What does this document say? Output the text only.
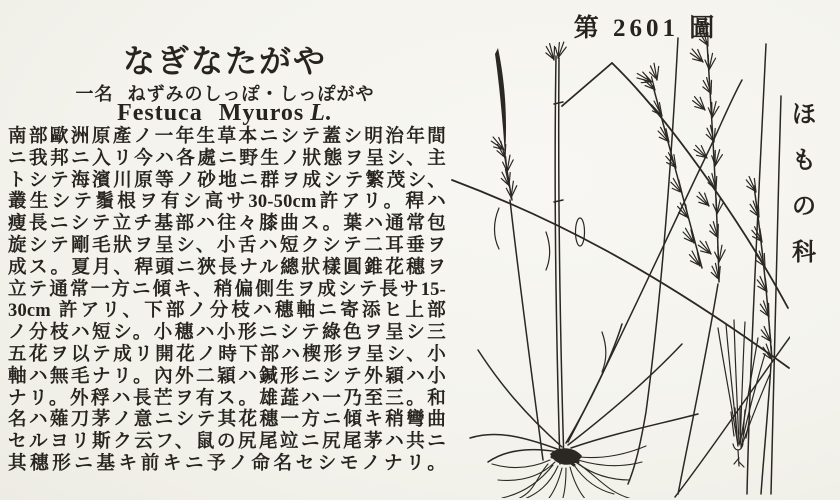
なぎなたがや
一名 ねずみのしっぽ・しっぽがや
Festuca Myuros L.
南部歐洲原產ノ一年生草本ニシテ蓋シ明治年間
ニ我邦ニ入リ今ハ各處ニ野生ノ狀態ヲ呈シ、主
トシテ海濱川原等ノ砂地ニ群ヲ成シテ繁茂シ、
叢生シテ鬚根ヲ有シ高サ30-50cm許アリ。稈ハ
瘦長ニシテ立チ基部ハ往々膝曲ス。葉ハ通常包
旋シテ剛毛狀ヲ呈シ、小舌ハ短クシテ二耳垂ヲ
成ス。夏月、稈頭ニ狹長ナル總狀樣圓錐花穗ヲ
立テ通常一方ニ傾キ、稍偏側生ヲ成シテ長サ15-
30cm 許アリ、下部ノ分枝ハ穗軸ニ寄添ヒ上部
ノ分枝ハ短シ。小穗ハ小形ニシテ綠色ヲ呈シ三
五花ヲ以テ成リ開花ノ時下部ハ楔形ヲ呈シ、小
軸ハ無毛ナリ。內外二穎ハ鍼形ニシテ外穎ハ小
ナリ。外稃ハ長芒ヲ有ス。雄蕋ハ一乃至三。和
名ハ薙刀茅ノ意ニシテ其花穗一方ニ傾キ稍彎曲
セルヨリ斯ク云フ、鼠の尻尾竝ニ尻尾茅ハ共ニ
其穗形ニ基キ前キニ予ノ命名セシモノナリ。
第 2601 圖
ほ
も
の
科
